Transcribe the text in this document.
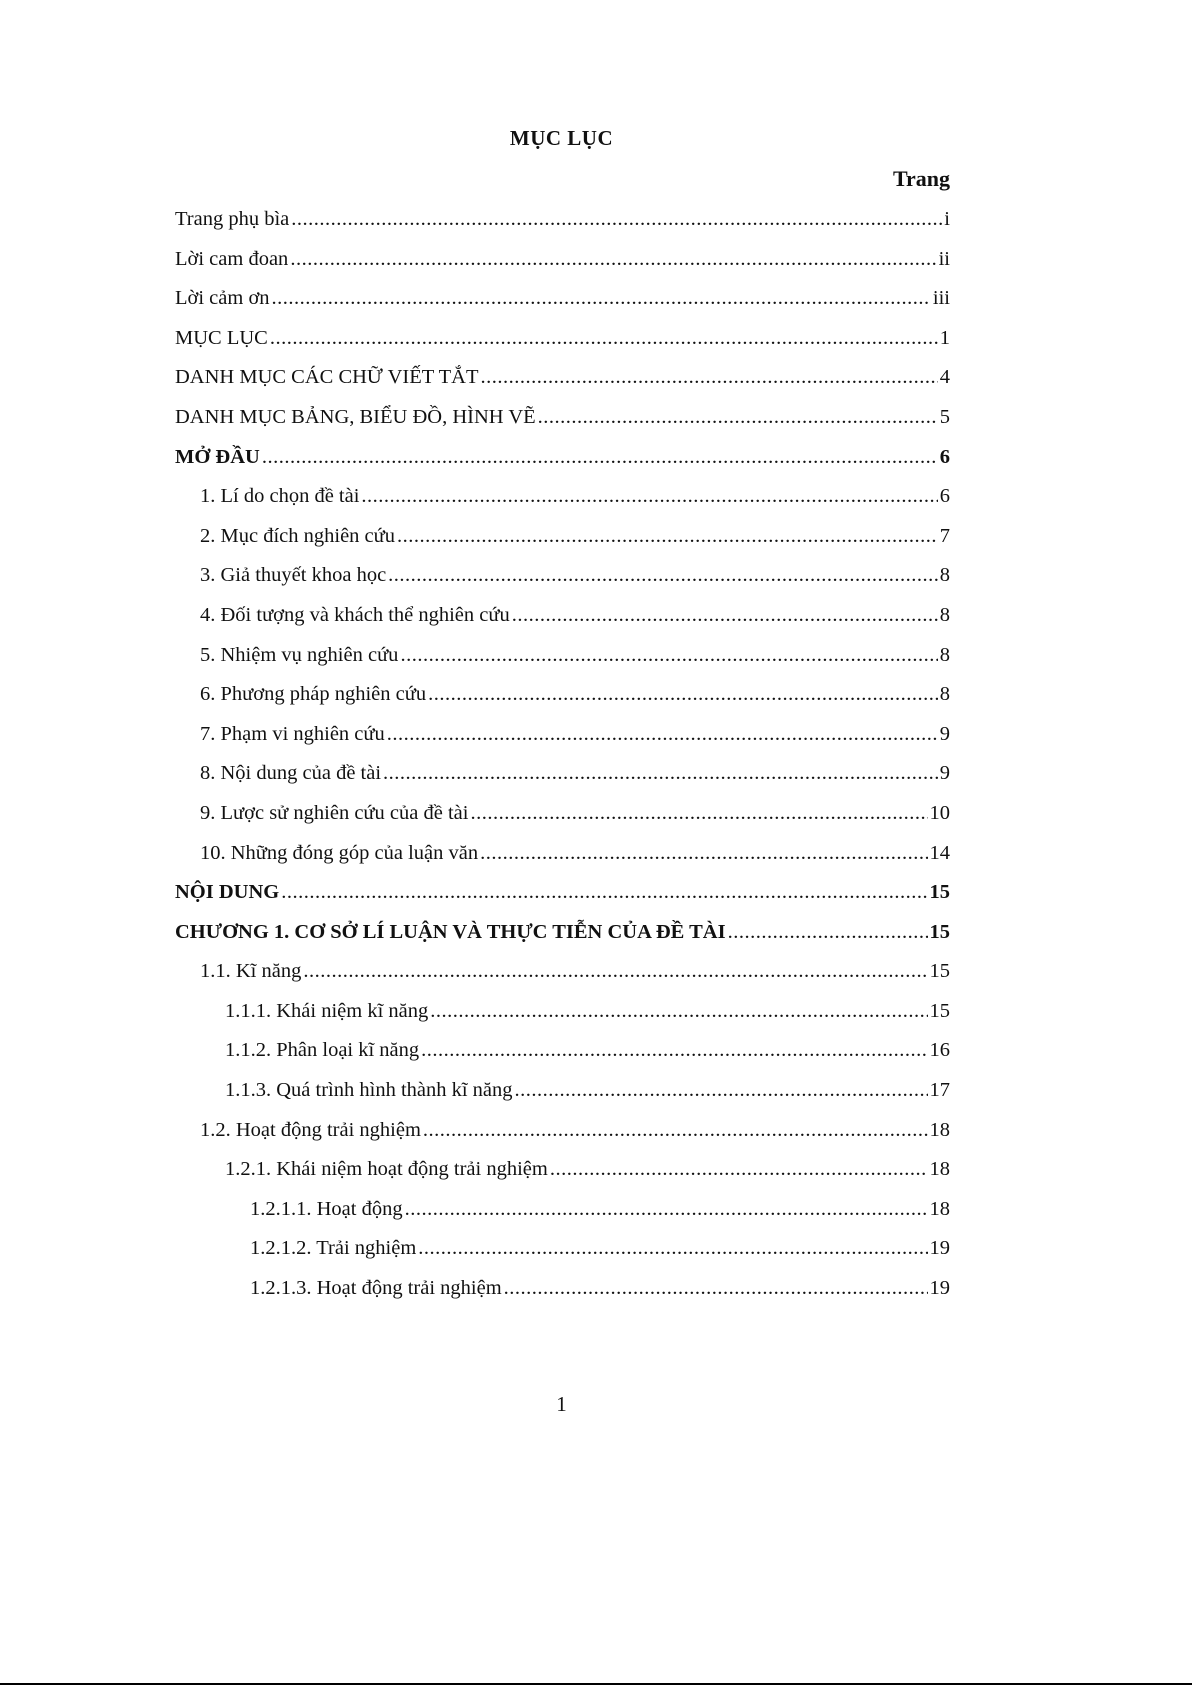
MỤC LỤC
Trang
Trang phụ bìa .....	i
Lời cam đoan .....	ii
Lời cảm ơn .....	iii
MỤC LỤC .....	1
DANH MỤC CÁC CHỮ VIẾT TẮT .....	4
DANH MỤC BẢNG, BIỂU ĐỒ, HÌNH VẼ .....	5
MỞ ĐẦU .....	6
1. Lí do chọn đề tài .....	6
2. Mục đích nghiên cứu .....	7
3. Giả thuyết khoa học .....	8
4. Đối tượng và khách thể nghiên cứu .....	8
5. Nhiệm vụ nghiên cứu .....	8
6. Phương pháp nghiên cứu .....	8
7. Phạm vi nghiên cứu .....	9
8. Nội dung của đề tài .....	9
9. Lược sử nghiên cứu của đề tài .....	10
10. Những đóng góp của luận văn .....	14
NỘI DUNG .....	15
CHƯƠNG 1. CƠ SỞ LÍ LUẬN VÀ THỰC TIỄN CỦA ĐỀ TÀI .....	15
1.1. Kĩ năng .....	15
1.1.1. Khái niệm kĩ năng .....	15
1.1.2. Phân loại kĩ năng .....	16
1.1.3. Quá trình hình thành kĩ năng .....	17
1.2. Hoạt động trải nghiệm .....	18
1.2.1. Khái niệm hoạt động trải nghiệm .....	18
1.2.1.1. Hoạt động .....	18
1.2.1.2. Trải nghiệm .....	19
1.2.1.3. Hoạt động trải nghiệm .....	19
1
